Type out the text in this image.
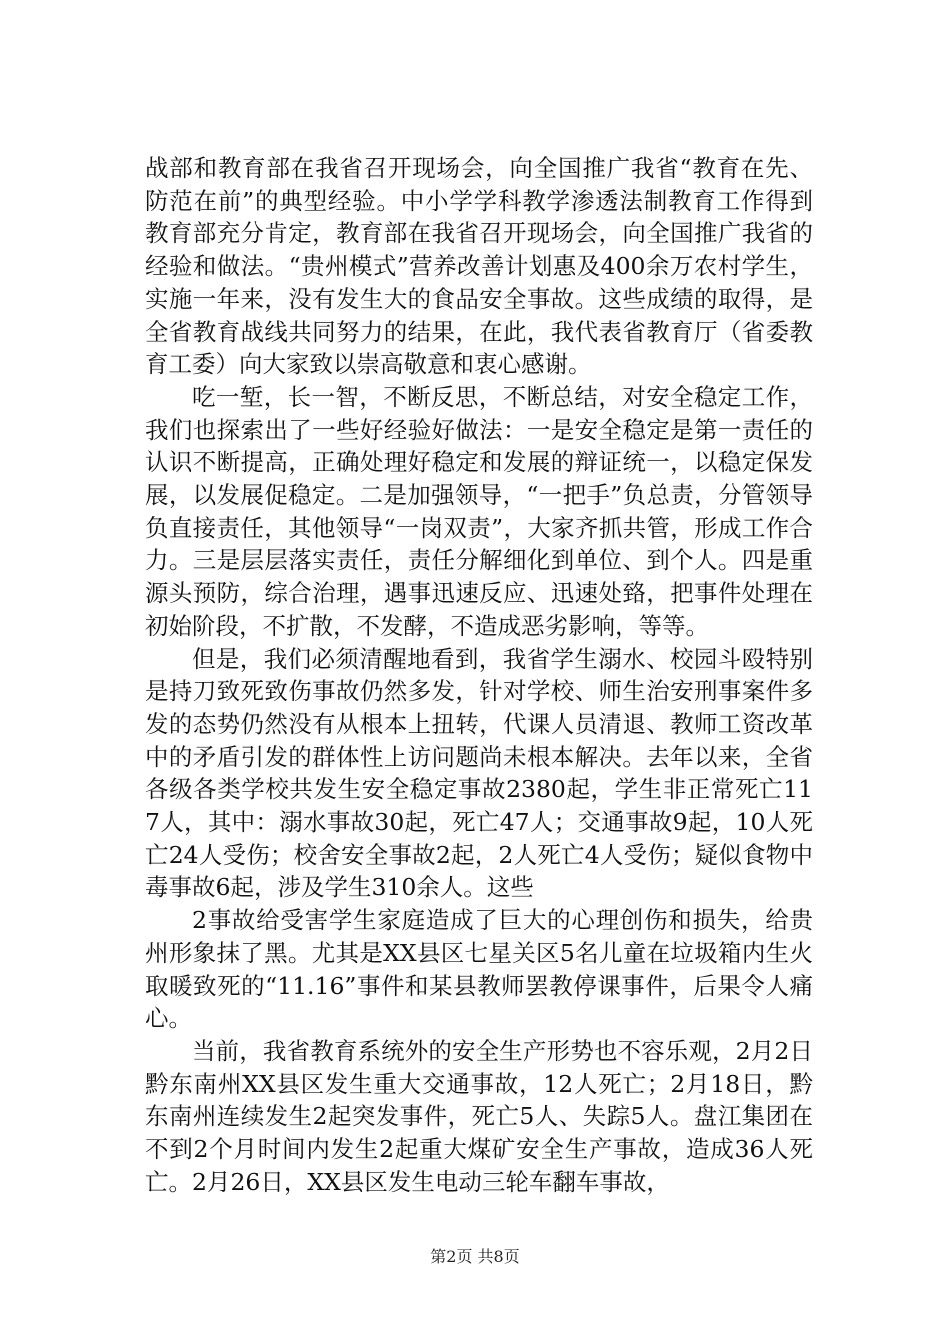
战部和教育部在我省召开现场会，向全国推广我省“教育在先、防范在前”的典型经验。中小学学科教学渗透法制教育工作得到教育部充分肯定，教育部在我省召开现场会，向全国推广我省的经验和做法。“贵州模式”营养改善计划惠及400余万农村学生，实施一年来，没有发生大的食品安全事故。这些成绩的取得，是全省教育战线共同努力的结果，在此，我代表省教育厅（省委教育工委）向大家致以崇高敬意和衷心感谢。

吃一堑，长一智，不断反思，不断总结，对安全稳定工作，我们也探索出了一些好经验好做法：一是安全稳定是第一责任的认识不断提高，正确处理好稳定和发展的辩证统一，以稳定保发展，以发展促稳定。二是加强领导，“一把手”负总责，分管领导负直接责任，其他领导“一岗双责”，大家齐抓共管，形成工作合力。三是层层落实责任，责任分解细化到单位、到个人。四是重源头预防，综合治理，遇事迅速反应、迅速处臵，把事件处理在初始阶段，不扩散，不发酵，不造成恶劣影响，等等。

但是，我们必须清醒地看到，我省学生溺水、校园斗殴特别是持刀致死致伤事故仍然多发，针对学校、师生治安刑事案件多发的态势仍然没有从根本上扭转，代课人员清退、教师工资改革中的矛盾引发的群体性上访问题尚未根本解决。去年以来，全省各级各类学校共发生安全稳定事故2380起，学生非正常死亡117人，其中：溺水事故30起，死亡47人；交通事故9起，10人死亡24人受伤；校舍安全事故2起，2人死亡4人受伤；疑似食物中毒事故6起，涉及学生310余人。这些

2事故给受害学生家庭造成了巨大的心理创伤和损失，给贵州形象抹了黑。尤其是XX县区七星关区5名儿童在垃圾箱内生火取暖致死的“11.16”事件和某县教师罢教停课事件，后果令人痛心。

当前，我省教育系统外的安全生产形势也不容乐观，2月2日黔东南州XX县区发生重大交通事故，12人死亡；2月18日，黔东南州连续发生2起突发事件，死亡5人、失踪5人。盘江集团在不到2个月时间内发生2起重大煤矿安全生产事故，造成36人死亡。2月26日，XX县区发生电动三轮车翻车事故，

第2页 共8页
